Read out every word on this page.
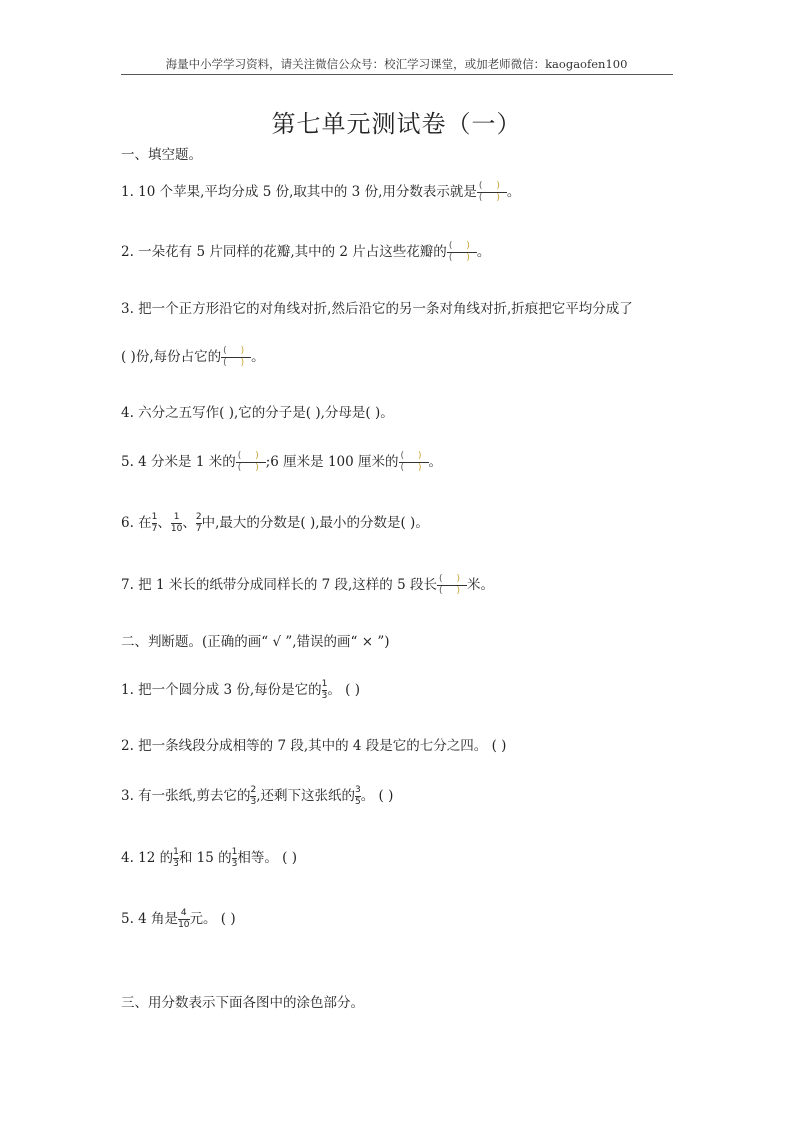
海量中小学学习资料，请关注微信公众号：校汇学习课堂，或加老师微信：kaogaofen100
第七单元测试卷（一）
一、填空题。
1. 10 个苹果,平均分成 5 份,取其中的 3 份,用分数表示就是 $\frac{( )}{( )}$ 。
2. 一朵花有 5 片同样的花瓣,其中的 2 片占这些花瓣的 $\frac{( )}{( )}$ 。
3. 把一个正方形沿它的对角线对折,然后沿它的另一条对角线对折,折痕把它平均分成了
( )份,每份占它的 $\frac{( )}{( )}$ 。
4. 六分之五写作( ),它的分子是( ),分母是( )。
5. 4 分米是 1 米的 $\frac{( )}{( )}$ ;6 厘米是 100 厘米的 $\frac{( )}{( )}$ 。
6. 在 $\frac{1}{7}$ 、 $\frac{1}{10}$ 、 $\frac{2}{7}$ 中,最大的分数是( ),最小的分数是( )。
7. 把 1 米长的纸带分成同样长的 7 段,这样的 5 段长 $\frac{( )}{( )}$ 米。
二、判断题。(正确的画“ √ ”,错误的画“ × ”)
1. 把一个圆分成 3 份,每份是它的 $\frac{1}{3}$ 。 ( )
2. 把一条线段分成相等的 7 段,其中的 4 段是它的七分之四。 ( )
3. 有一张纸,剪去它的 $\frac{2}{3}$ ,还剩下这张纸的 $\frac{3}{5}$ 。 ( )
4. 12 的 $\frac{1}{3}$ 和 15 的 $\frac{1}{3}$ 相等。 ( )
5. 4 角是 $\frac{4}{10}$ 元。 ( )
三、用分数表示下面各图中的涂色部分。
